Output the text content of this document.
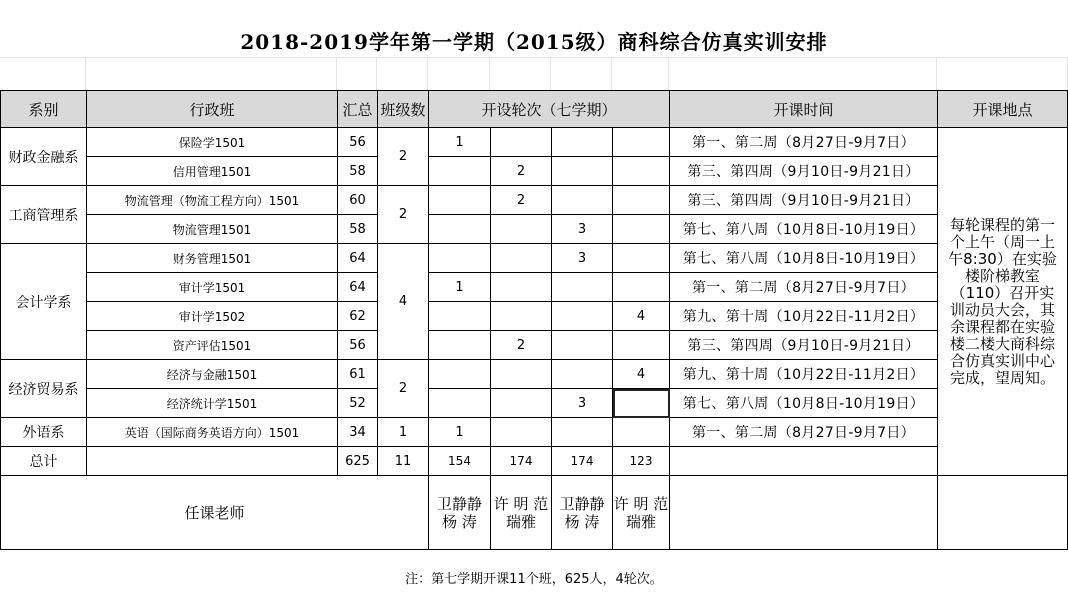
2018-2019学年第一学期（2015级）商科综合仿真实训安排
系别	行政班	汇总	班级数	开设轮次（七学期）				开课时间	开课地点
财政金融系	保险学1501	56	2	1				第一、第二周（8月27日-9月7日）	每轮课程的第一个上午（周一上午8:30）在实验楼阶梯教室（110）召开实训动员大会，其余课程都在实验楼二楼大商科综合仿真实训中心完成，望周知。
	信用管理1501	58			2			第三、第四周（9月10日-9月21日）	
工商管理系	物流管理（物流工程方向）1501	60	2		2			第三、第四周（9月10日-9月21日）	
	物流管理1501	58				3		第七、第八周（10月8日-10月19日）	
会计学系	财务管理1501	64	4			3		第七、第八周（10月8日-10月19日）	
	审计学1501	64		1				第一、第二周（8月27日-9月7日）	
	审计学1502	62					4	第九、第十周（10月22日-11月2日）	
	资产评估1501	56			2			第三、第四周（9月10日-9月21日）	
经济贸易系	经济与金融1501	61	2				4	第九、第十周（10月22日-11月2日）	
	经济统计学1501	52				3		第七、第八周（10月8日-10月19日）	
外语系	英语（国际商务英语方向）1501	34	1	1				第一、第二周（8月27日-9月7日）	
总计		625	11	154	174	174	123		
任课老师				卫静静 杨 涛	许 明 范瑞雅	卫静静 杨 涛	许 明 范瑞雅		
注：第七学期开课11个班，625人，4轮次。
